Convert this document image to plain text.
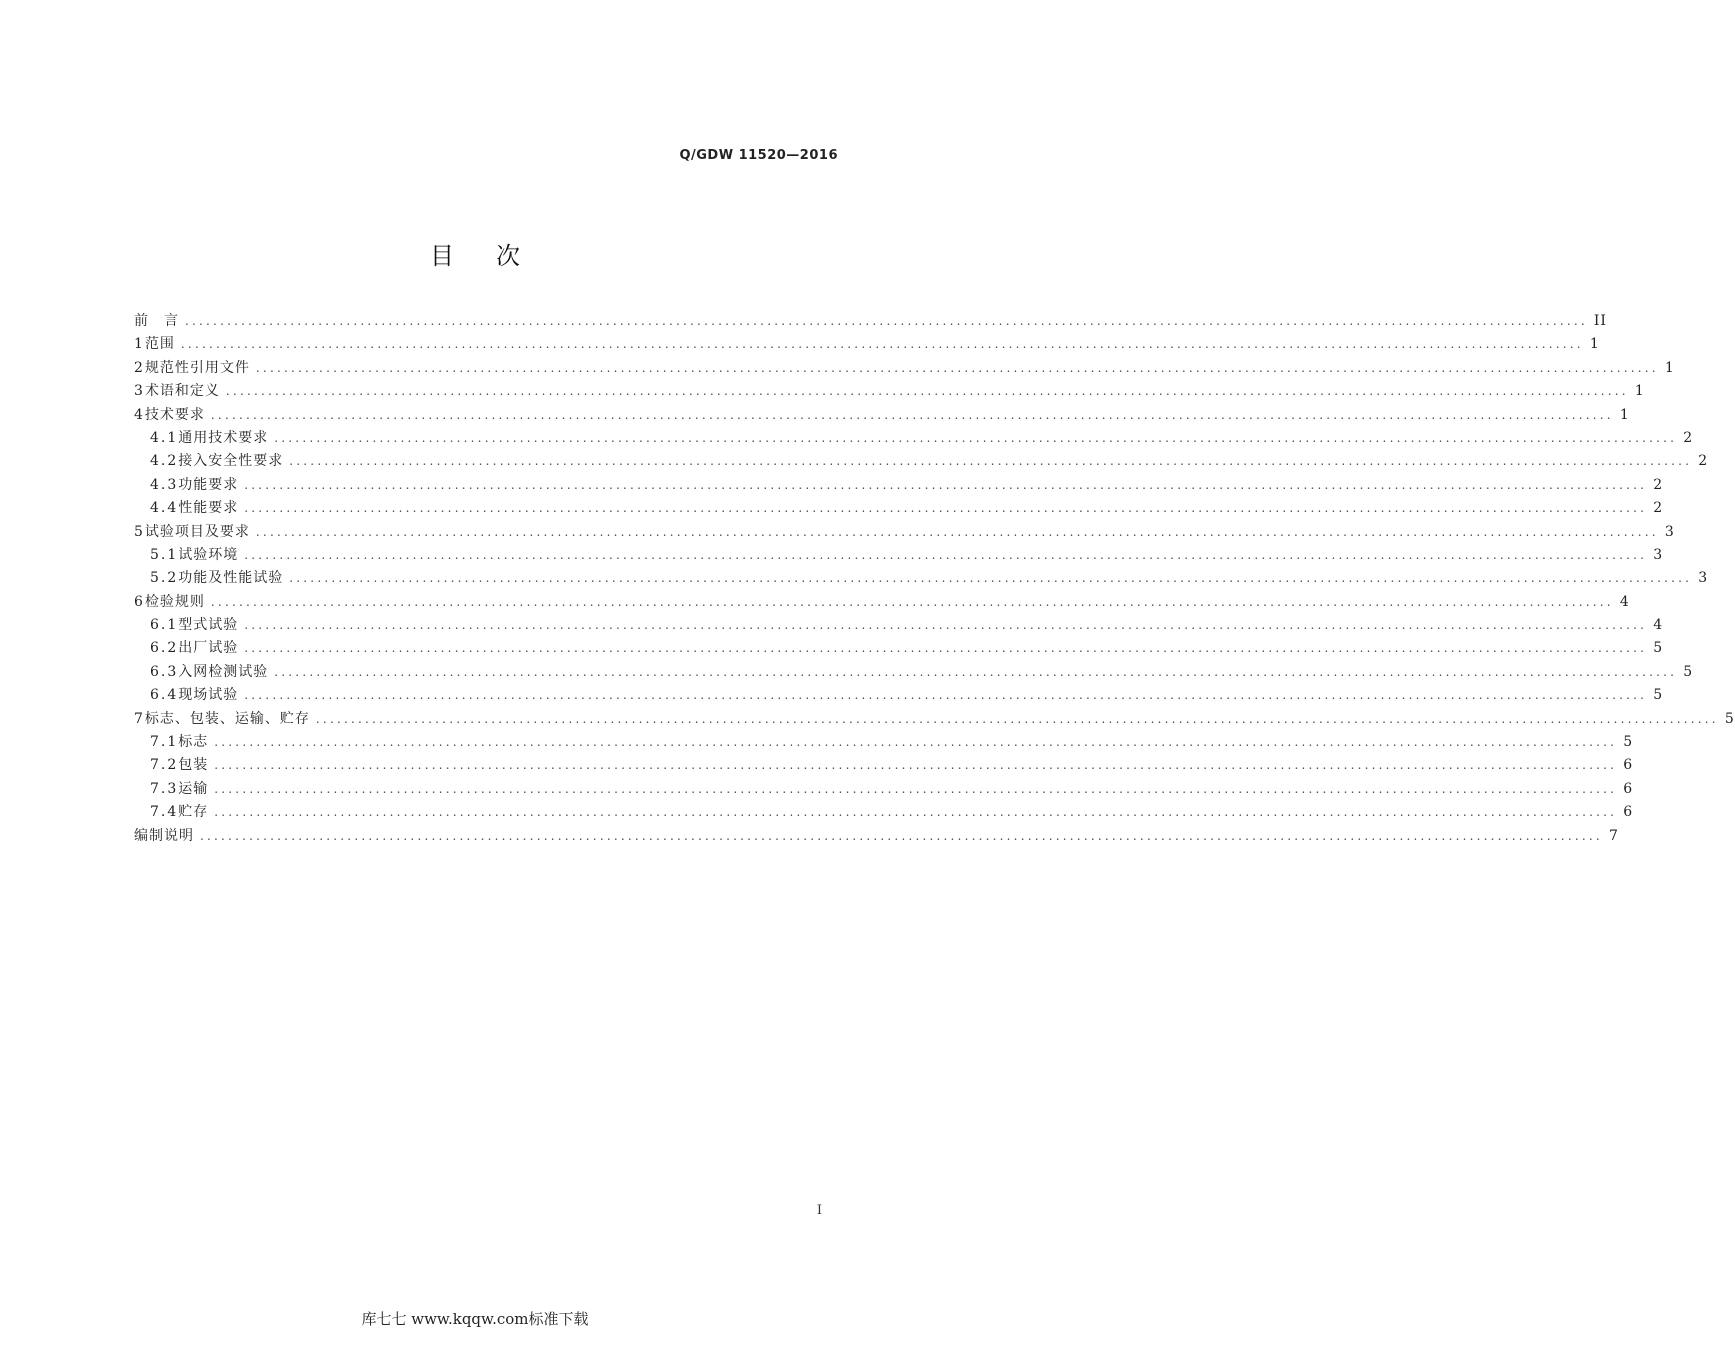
Q/GDW 11520—2016
目次
前　言 ........................................................................................................................................................................................................ II
1 范围 ........................................................................................................................................................................................................ 1
2 规范性引用文件 ........................................................................................................................................................................................................ 1
3 术语和定义 ........................................................................................................................................................................................................ 1
4 技术要求 ........................................................................................................................................................................................................ 1
4.1 通用技术要求 ........................................................................................................................................................................................................ 2
4.2 接入安全性要求 ........................................................................................................................................................................................................ 2
4.3 功能要求 ........................................................................................................................................................................................................ 2
4.4 性能要求 ........................................................................................................................................................................................................ 2
5 试验项目及要求 ........................................................................................................................................................................................................ 3
5.1 试验环境 ........................................................................................................................................................................................................ 3
5.2 功能及性能试验 ........................................................................................................................................................................................................ 3
6 检验规则 ........................................................................................................................................................................................................ 4
6.1 型式试验 ........................................................................................................................................................................................................ 4
6.2 出厂试验 ........................................................................................................................................................................................................ 5
6.3 入网检测试验 ........................................................................................................................................................................................................ 5
6.4 现场试验 ........................................................................................................................................................................................................ 5
7 标志、包装、运输、贮存 ........................................................................................................................................................................................................ 5
7.1 标志 ........................................................................................................................................................................................................ 5
7.2 包装 ........................................................................................................................................................................................................ 6
7.3 运输 ........................................................................................................................................................................................................ 6
7.4 贮存 ........................................................................................................................................................................................................ 6
编制说明 ........................................................................................................................................................................................................ 7
I
库七七 www.kqqw.com标准下载
